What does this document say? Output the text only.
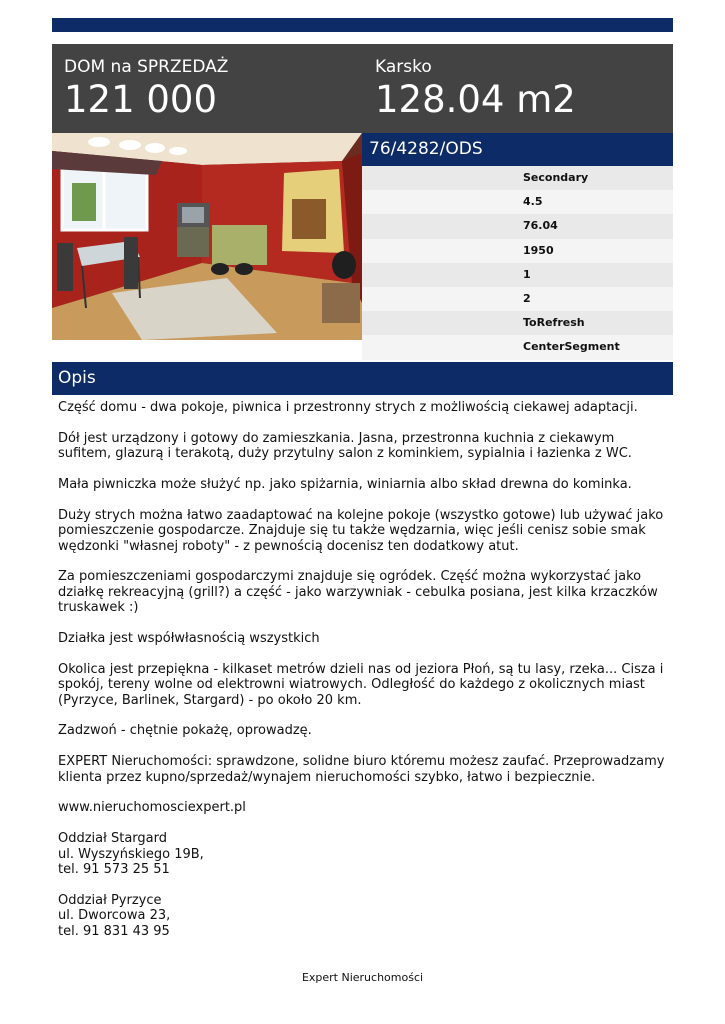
DOM na SPRZEDAŻ
121 000
Karsko
128.04 m2
76/4282/ODS
Secondary
4.5
76.04
1950
1
2
ToRefresh
CenterSegment
Opis

Część domu - dwa pokoje, piwnica i przestronny strych z możliwością ciekawej adaptacji.

Dół jest urządzony i gotowy do zamieszkania. Jasna, przestronna kuchnia z ciekawym sufitem, glazurą i terakotą, duży przytulny salon z kominkiem, sypialnia i łazienka z WC.

Mała piwniczka może służyć np. jako spiżarnia, winiarnia albo skład drewna do kominka.

Duży strych można łatwo zaadaptować na kolejne pokoje (wszystko gotowe) lub używać jako pomieszczenie gospodarcze. Znajduje się tu także wędzarnia, więc jeśli cenisz sobie smak wędzonki "własnej roboty" - z pewnością docenisz ten dodatkowy atut.

Za pomieszczeniami gospodarczymi znajduje się ogródek. Część można wykorzystać jako działkę rekreacyjną (grill?) a część - jako warzywniak - cebulka posiana, jest kilka krzaczków truskawek :)

Działka jest współwłasnością wszystkich

Okolica jest przepiękna - kilkaset metrów dzieli nas od jeziora Płoń, są tu lasy, rzeka... Cisza i spokój, tereny wolne od elektrowni wiatrowych. Odległość do każdego z okolicznych miast (Pyrzyce, Barlinek, Stargard) - po około 20 km.

Zadzwoń - chętnie pokażę, oprowadzę.

EXPERT Nieruchomości: sprawdzone, solidne biuro któremu możesz zaufać. Przeprowadzamy klienta przez kupno/sprzedaż/wynajem nieruchomości szybko, łatwo i bezpiecznie.

www.nieruchomosciexpert.pl

Oddział Stargard
ul. Wyszyńskiego 19B,
tel. 91 573 25 51

Oddział Pyrzyce
ul. Dworcowa 23,
tel. 91 831 43 95

Expert Nieruchomości
